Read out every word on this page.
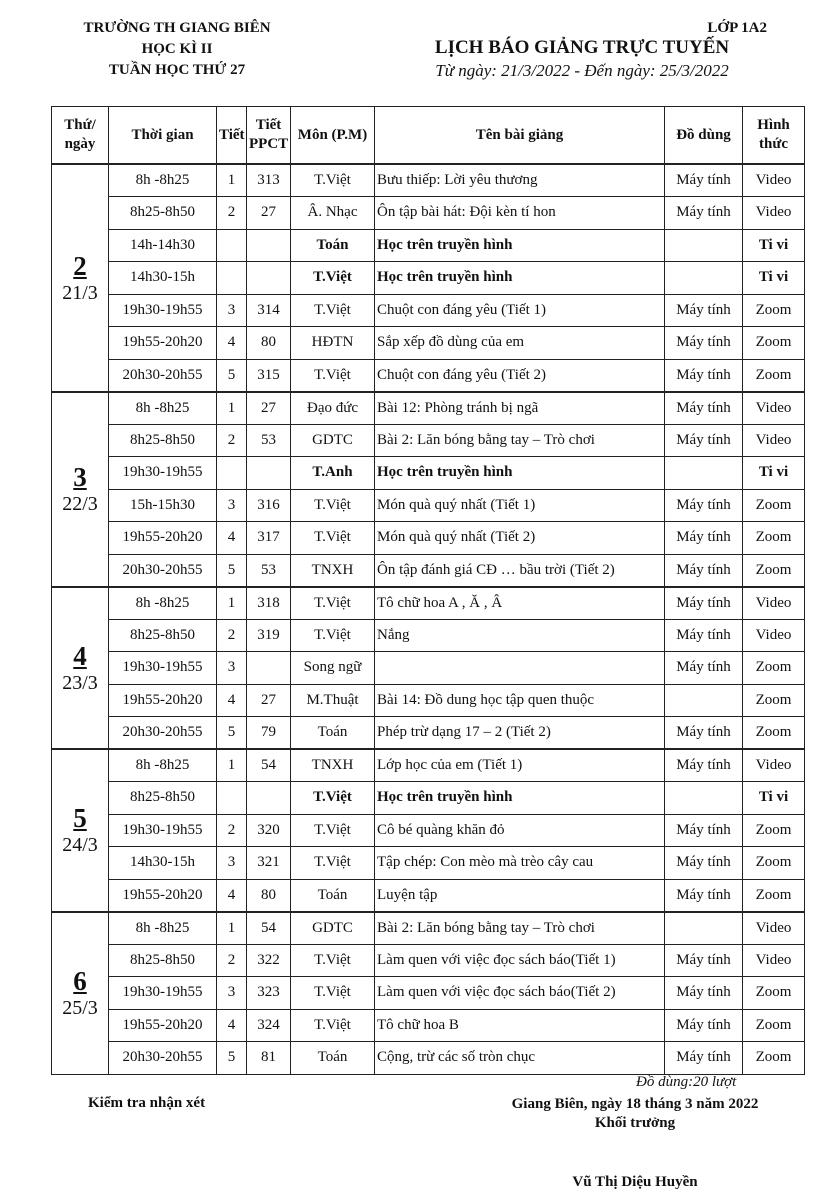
TRƯỜNG TH GIANG BIÊN
HỌC KÌ II
TUẦN HỌC THỨ 27
LỚP 1A2
LỊCH BÁO GIẢNG TRỰC TUYẾN
Từ ngày: 21/3/2022 - Đến ngày: 25/3/2022
Thứ/ ngày	Thời gian	Tiết	Tiết PPCT	Môn (P.M)	Tên bài giảng	Đồ dùng	Hình thức

2
21/3	8h -8h25	1	313	T.Việt	Bưu thiếp: Lời yêu thương	Máy tính	Video
	8h25-8h50	2	27	Â. Nhạc	Ôn tập bài hát: Đội kèn tí hon	Máy tính	Video
	14h-14h30			Toán	Học trên truyền hình		Ti vi
	14h30-15h			T.Việt	Học trên truyền hình		Ti vi
	19h30-19h55	3	314	T.Việt	Chuột con đáng yêu (Tiết 1)	Máy tính	Zoom
	19h55-20h20	4	80	HĐTN	Sắp xếp đồ dùng của em	Máy tính	Zoom
	20h30-20h55	5	315	T.Việt	Chuột con đáng yêu (Tiết 2)	Máy tính	Zoom

3
22/3	8h -8h25	1	27	Đạo đức	Bài 12: Phòng tránh bị ngã	Máy tính	Video
	8h25-8h50	2	53	GDTC	Bài 2: Lăn bóng bằng tay – Trò chơi	Máy tính	Video
	19h30-19h55			T.Anh	Học trên truyền hình		Ti vi
	15h-15h30	3	316	T.Việt	Món quà quý nhất (Tiết 1)	Máy tính	Zoom
	19h55-20h20	4	317	T.Việt	Món quà quý nhất (Tiết 2)	Máy tính	Zoom
	20h30-20h55	5	53	TNXH	Ôn tập đánh giá CĐ … bầu trời (Tiết 2)	Máy tính	Zoom

4
23/3	8h -8h25	1	318	T.Việt	Tô chữ hoa A , Ă , Â	Máy tính	Video
	8h25-8h50	2	319	T.Việt	Nắng	Máy tính	Video
	19h30-19h55	3		Song ngữ		Máy tính	Zoom
	19h55-20h20	4	27	M.Thuật	Bài 14: Đồ dung học tập quen thuộc		Zoom
	20h30-20h55	5	79	Toán	Phép trừ dạng 17 – 2 (Tiết 2)	Máy tính	Zoom

5
24/3	8h -8h25	1	54	TNXH	Lớp học của em (Tiết 1)	Máy tính	Video
	8h25-8h50			T.Việt	Học trên truyền hình		Ti vi
	19h30-19h55	2	320	T.Việt	Cô bé quàng khăn đỏ	Máy tính	Zoom
	14h30-15h	3	321	T.Việt	Tập chép: Con mèo mà trèo cây cau	Máy tính	Zoom
	19h55-20h20	4	80	Toán	Luyện tập	Máy tính	Zoom

6
25/3	8h -8h25	1	54	GDTC	Bài 2: Lăn bóng bằng tay – Trò chơi		Video
	8h25-8h50	2	322	T.Việt	Làm quen với việc đọc sách báo(Tiết 1)	Máy tính	Video
	19h30-19h55	3	323	T.Việt	Làm quen với việc đọc sách báo(Tiết 2)	Máy tính	Zoom
	19h55-20h20	4	324	T.Việt	Tô chữ hoa B	Máy tính	Zoom
	20h30-20h55	5	81	Toán	Cộng, trừ các số tròn chục	Máy tính	Zoom
Đồ dùng:20 lượt
Kiểm tra nhận xét	Giang Biên, ngày 18 tháng 3 năm 2022
Khối trưởng
Vũ Thị Diệu Huyền
